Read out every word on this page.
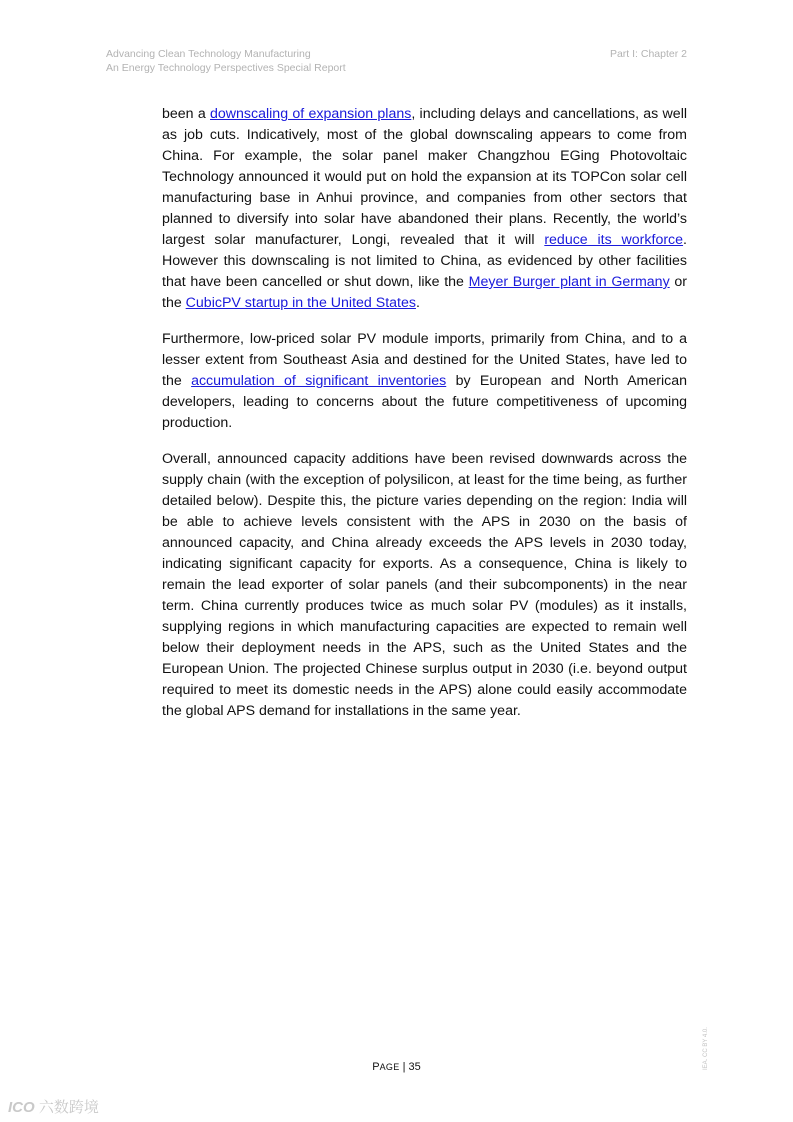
Advancing Clean Technology Manufacturing
An Energy Technology Perspectives Special Report
Part I: Chapter 2

been a downscaling of expansion plans, including delays and cancellations, as well as job cuts. Indicatively, most of the global downscaling appears to come from China. For example, the solar panel maker Changzhou EGing Photovoltaic Technology announced it would put on hold the expansion at its TOPCon solar cell manufacturing base in Anhui province, and companies from other sectors that planned to diversify into solar have abandoned their plans. Recently, the world’s largest solar manufacturer, Longi, revealed that it will reduce its workforce. However this downscaling is not limited to China, as evidenced by other facilities that have been cancelled or shut down, like the Meyer Burger plant in Germany or the CubicPV startup in the United States.

Furthermore, low-priced solar PV module imports, primarily from China, and to a lesser extent from Southeast Asia and destined for the United States, have led to the accumulation of significant inventories by European and North American developers, leading to concerns about the future competitiveness of upcoming production.

Overall, announced capacity additions have been revised downwards across the supply chain (with the exception of polysilicon, at least for the time being, as further detailed below). Despite this, the picture varies depending on the region: India will be able to achieve levels consistent with the APS in 2030 on the basis of announced capacity, and China already exceeds the APS levels in 2030 today, indicating significant capacity for exports. As a consequence, China is likely to remain the lead exporter of solar panels (and their subcomponents) in the near term. China currently produces twice as much solar PV (modules) as it installs, supplying regions in which manufacturing capacities are expected to remain well below their deployment needs in the APS, such as the United States and the European Union. The projected Chinese surplus output in 2030 (i.e. beyond output required to meet its domestic needs in the APS) alone could easily accommodate the global APS demand for installations in the same year.

PAGE | 35	IEA. CC BY 4.0.
ICO 六数跨境
